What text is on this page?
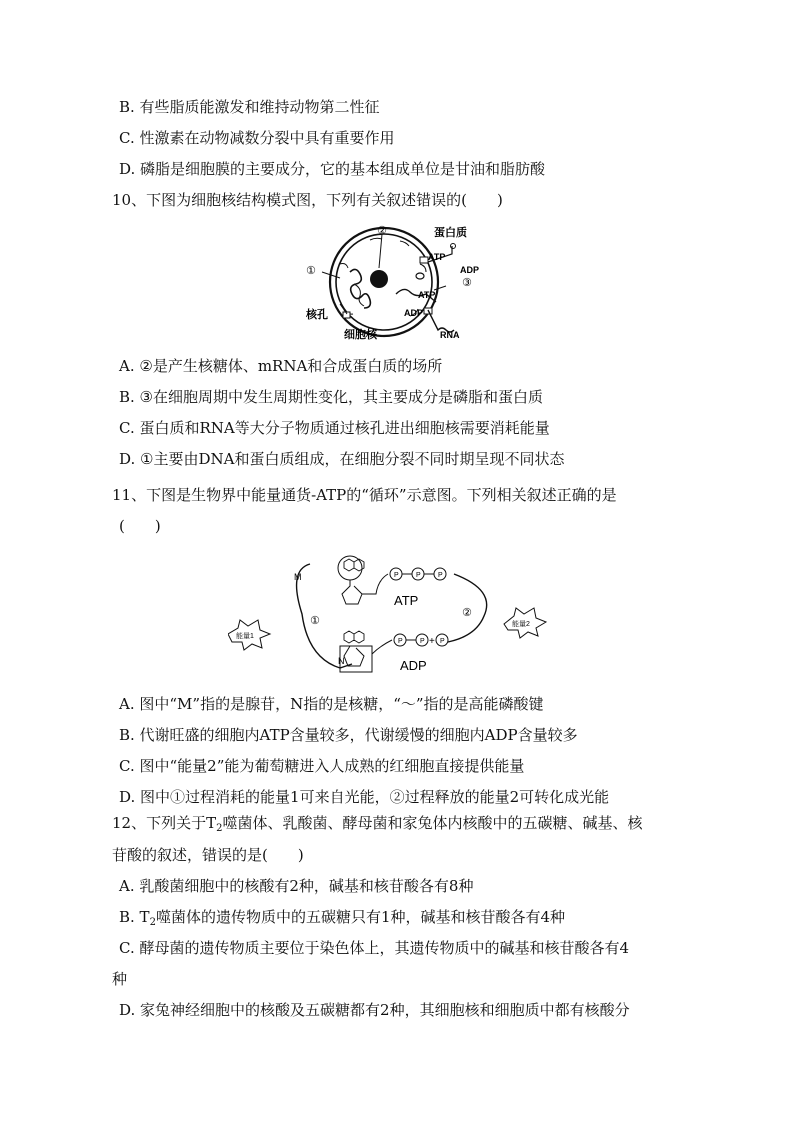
B. 有些脂质能激发和维持动物第二性征
C. 性激素在动物减数分裂中具有重要作用
D. 磷脂是细胞膜的主要成分，它的基本组成单位是甘油和脂肪酸
10、下图为细胞核结构模式图，下列有关叙述错误的(　　)
②
①
③
蛋白质
ATP
ADP
ATP
ADP
核孔
细胞核	RNA
A. ②是产生核糖体、mRNA和合成蛋白质的场所
B. ③在细胞周期中发生周期性变化，其主要成分是磷脂和蛋白质
C. 蛋白质和RNA等大分子物质通过核孔进出细胞核需要消耗能量
D. ①主要由DNA和蛋白质组成，在细胞分裂不同时期呈现不同状态
11、下图是生物界中能量通货-ATP的“循环”示意图。下列相关叙述正确的是
(　　)
P P P
P P P
+
M
N
ATP
ADP
①
②
能量1
能量2
A. 图中“M”指的是腺苷，N指的是核糖，“～”指的是高能磷酸键
B. 代谢旺盛的细胞内ATP含量较多，代谢缓慢的细胞内ADP含量较多
C. 图中“能量2”能为葡萄糖进入人成熟的红细胞直接提供能量
D. 图中①过程消耗的能量1可来自光能，②过程释放的能量2可转化成光能
12、下列关于$T_2$噬菌体、乳酸菌、酵母菌和家兔体内核酸中的五碳糖、碱基、核
苷酸的叙述，错误的是(　　)
A. 乳酸菌细胞中的核酸有2种，碱基和核苷酸各有8种
B. $T_2$噬菌体的遗传物质中的五碳糖只有1种，碱基和核苷酸各有4种
C. 酵母菌的遗传物质主要位于染色体上，其遗传物质中的碱基和核苷酸各有4
种
D. 家兔神经细胞中的核酸及五碳糖都有2种，其细胞核和细胞质中都有核酸分
